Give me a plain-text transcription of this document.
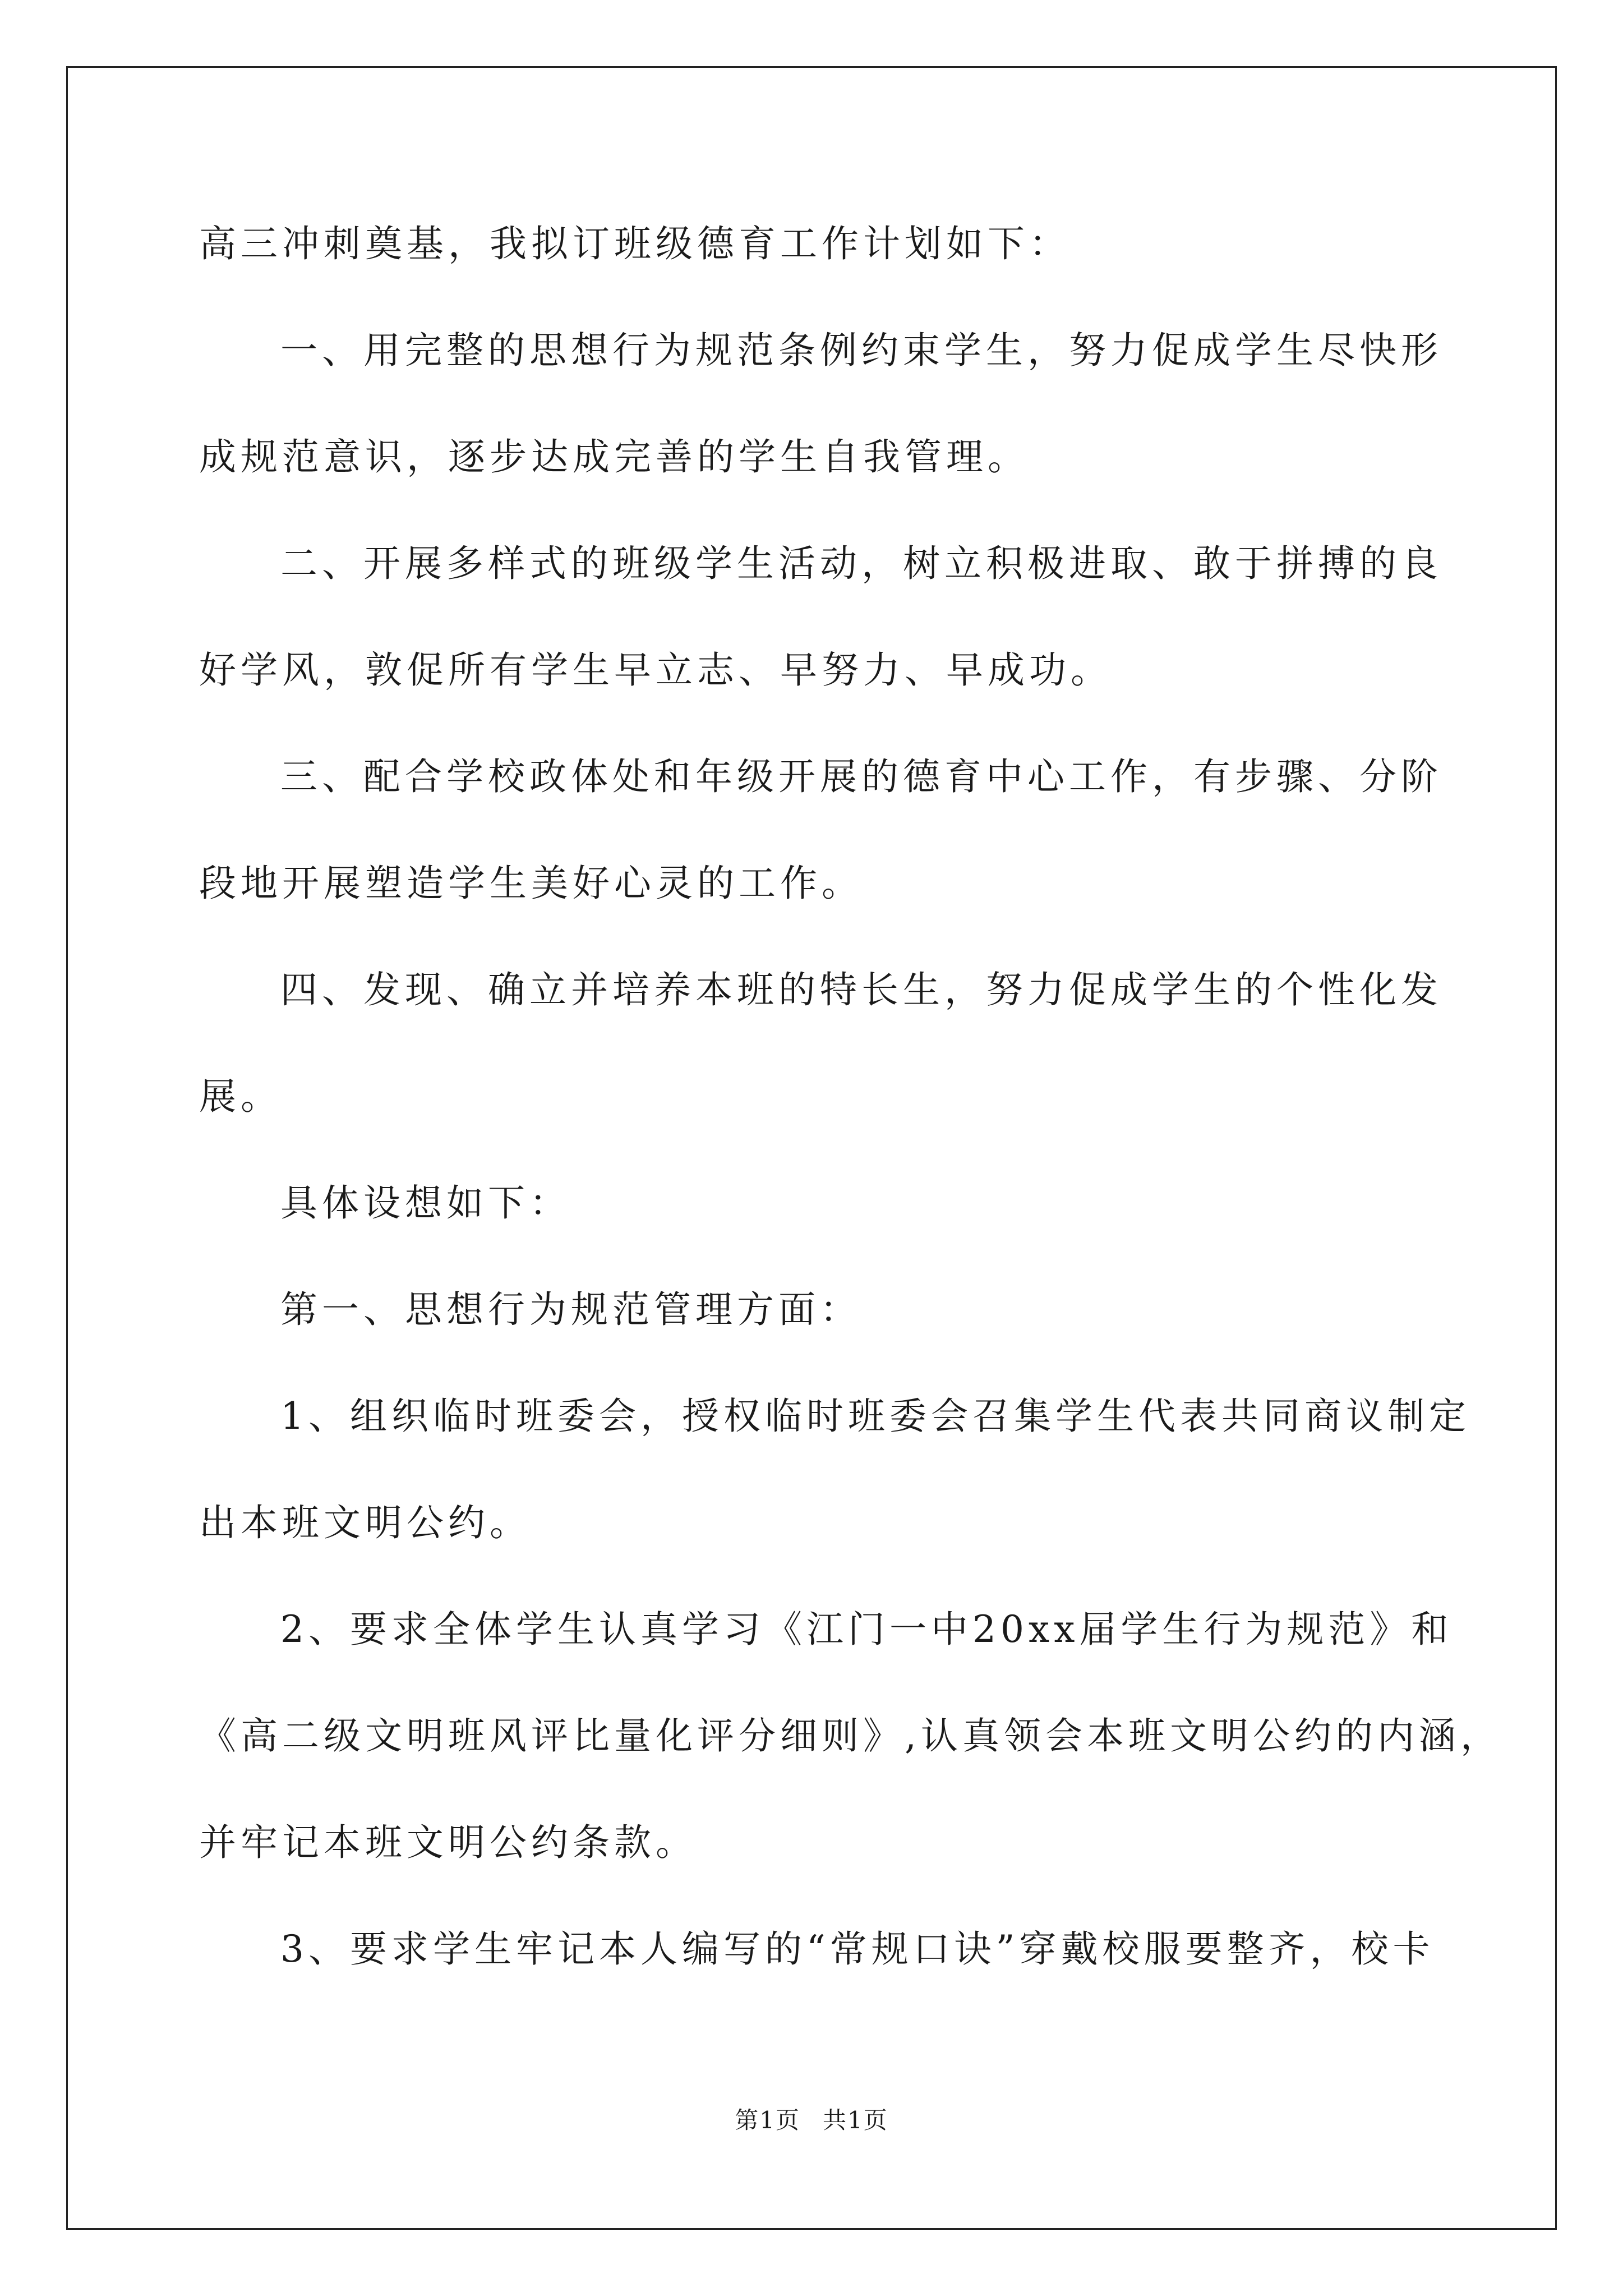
高三冲刺奠基，我拟订班级德育工作计划如下：
一、用完整的思想行为规范条例约束学生，努力促成学生尽快形
成规范意识，逐步达成完善的学生自我管理。
二、开展多样式的班级学生活动，树立积极进取、敢于拼搏的良
好学风，敦促所有学生早立志、早努力、早成功。
三、配合学校政体处和年级开展的德育中心工作，有步骤、分阶
段地开展塑造学生美好心灵的工作。
四、发现、确立并培养本班的特长生，努力促成学生的个性化发
展。
具体设想如下：
第一、思想行为规范管理方面：
1、组织临时班委会，授权临时班委会召集学生代表共同商议制定
出本班文明公约。
2、要求全体学生认真学习《江门一中20xx届学生行为规范》和
《高二级文明班风评比量化评分细则》,认真领会本班文明公约的内涵，
并牢记本班文明公约条款。
3、要求学生牢记本人编写的“常规口诀”穿戴校服要整齐，校卡
第1页 共1页
